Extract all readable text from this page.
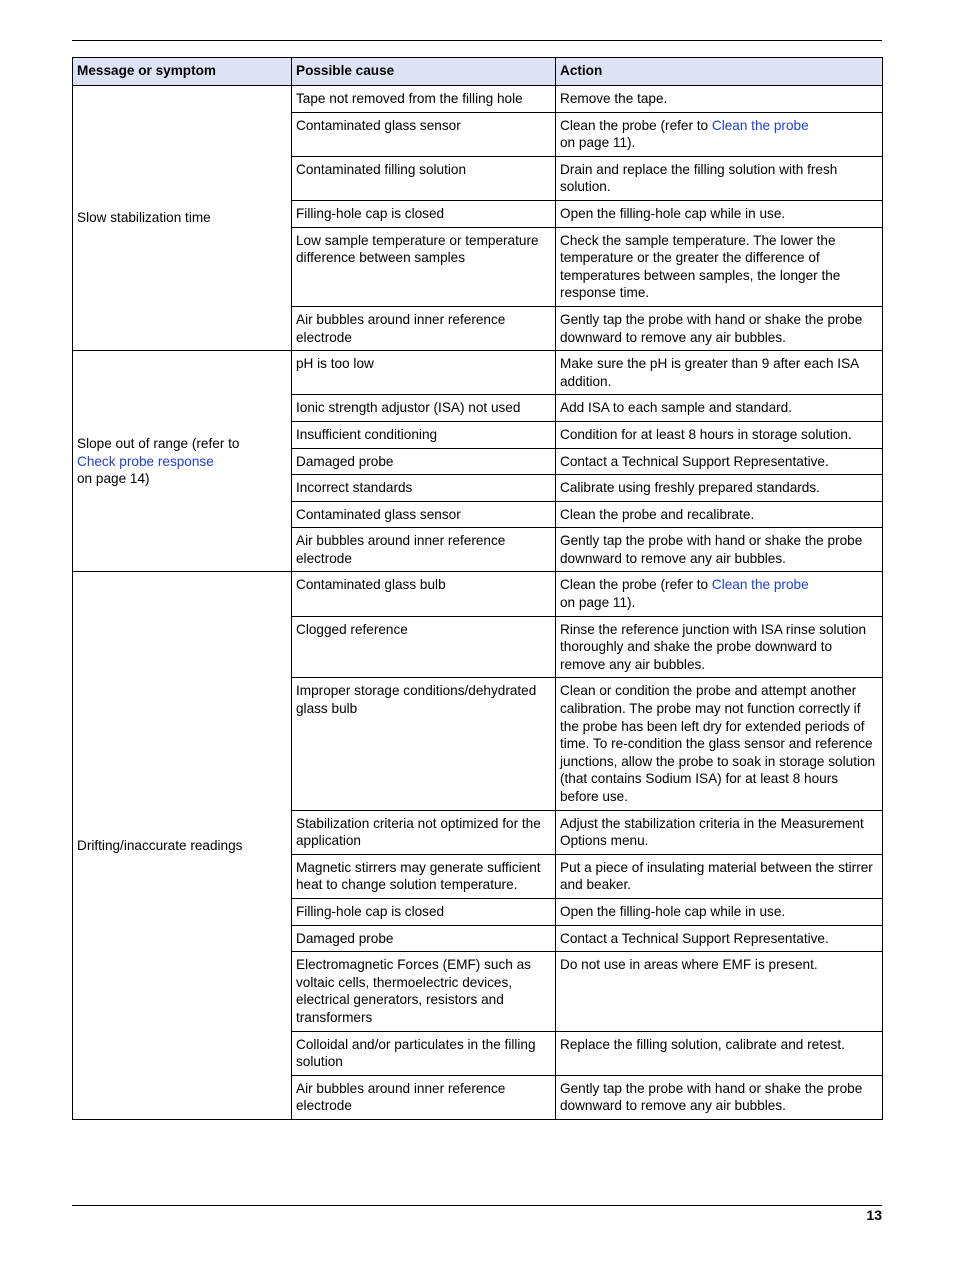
Message or symptom	Possible cause	Action
Slow stabilization time	Tape not removed from the filling hole	Remove the tape.
	Contaminated glass sensor	Clean the probe (refer to Clean the probe
on page 11).
	Contaminated filling solution	Drain and replace the filling solution with fresh solution.
	Filling-hole cap is closed	Open the filling-hole cap while in use.
	Low sample temperature or temperature difference between samples	Check the sample temperature. The lower the temperature or the greater the difference of temperatures between samples, the longer the response time.
	Air bubbles around inner reference electrode	Gently tap the probe with hand or shake the probe downward to remove any air bubbles.
Slope out of range (refer to
Check probe response
on page 14)	pH is too low	Make sure the pH is greater than 9 after each ISA addition.
	Ionic strength adjustor (ISA) not used	Add ISA to each sample and standard.
	Insufficient conditioning	Condition for at least 8 hours in storage solution.
	Damaged probe	Contact a Technical Support Representative.
	Incorrect standards	Calibrate using freshly prepared standards.
	Contaminated glass sensor	Clean the probe and recalibrate.
	Air bubbles around inner reference electrode	Gently tap the probe with hand or shake the probe downward to remove any air bubbles.
Drifting/inaccurate readings	Contaminated glass bulb	Clean the probe (refer to Clean the probe
on page 11).
	Clogged reference	Rinse the reference junction with ISA rinse solution thoroughly and shake the probe downward to remove any air bubbles.
	Improper storage conditions/dehydrated glass bulb	Clean or condition the probe and attempt another calibration. The probe may not function correctly if the probe has been left dry for extended periods of time. To re-condition the glass sensor and reference junctions, allow the probe to soak in storage solution (that contains Sodium ISA) for at least 8 hours before use.
	Stabilization criteria not optimized for the application	Adjust the stabilization criteria in the Measurement Options menu.
	Magnetic stirrers may generate sufficient heat to change solution temperature.	Put a piece of insulating material between the stirrer and beaker.
	Filling-hole cap is closed	Open the filling-hole cap while in use.
	Damaged probe	Contact a Technical Support Representative.
	Electromagnetic Forces (EMF) such as voltaic cells, thermoelectric devices, electrical generators, resistors and transformers	Do not use in areas where EMF is present.
	Colloidal and/or particulates in the filling solution	Replace the filling solution, calibrate and retest.
	Air bubbles around inner reference electrode	Gently tap the probe with hand or shake the probe downward to remove any air bubbles.
13
